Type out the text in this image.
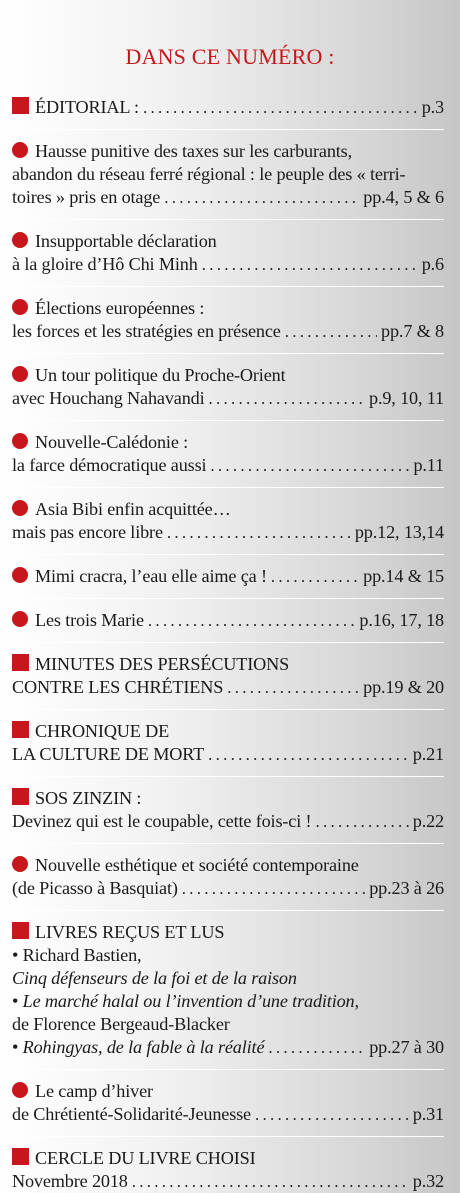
DANS CE NUMÉRO :
ÉDITORIAL : . . .	p.3
Hausse punitive des taxes sur les carburants,
abandon du réseau ferré régional : le peuple des « terri-
toires » pris en otage . . .	pp.4, 5 & 6
Insupportable déclaration
à la gloire d’Hô Chi Minh . . .	p.6
Élections européennes :
les forces et les stratégies en présence . . .	pp.7 & 8
Un tour politique du Proche-Orient
avec Houchang Nahavandi . . .	p.9, 10, 11
Nouvelle-Calédonie :
la farce démocratique aussi . . .	p.11
Asia Bibi enfin acquittée…
mais pas encore libre . . .	pp.12, 13,14
Mimi cracra, l’eau elle aime ça ! . . .	pp.14 & 15
Les trois Marie . . .	p.16, 17, 18
MINUTES DES PERSÉCUTIONS
CONTRE LES CHRÉTIENS . . .	pp.19 & 20
CHRONIQUE DE
LA CULTURE DE MORT . . .	p.21
SOS ZINZIN :
Devinez qui est le coupable, cette fois-ci ! . . .	p.22
Nouvelle esthétique et société contemporaine
(de Picasso à Basquiat) . . .	pp.23 à 26
LIVRES REÇUS ET LUS
• Richard Bastien,
Cinq défenseurs de la foi et de la raison
• Le marché halal ou l’invention d’une tradition,
de Florence Bergeaud-Blacker
• Rohingyas, de la fable à la réalité . . .	pp.27 à 30
Le camp d’hiver
de Chrétienté-Solidarité-Jeunesse . . .	p.31
CERCLE DU LIVRE CHOISI
Novembre 2018 . . .	p.32
